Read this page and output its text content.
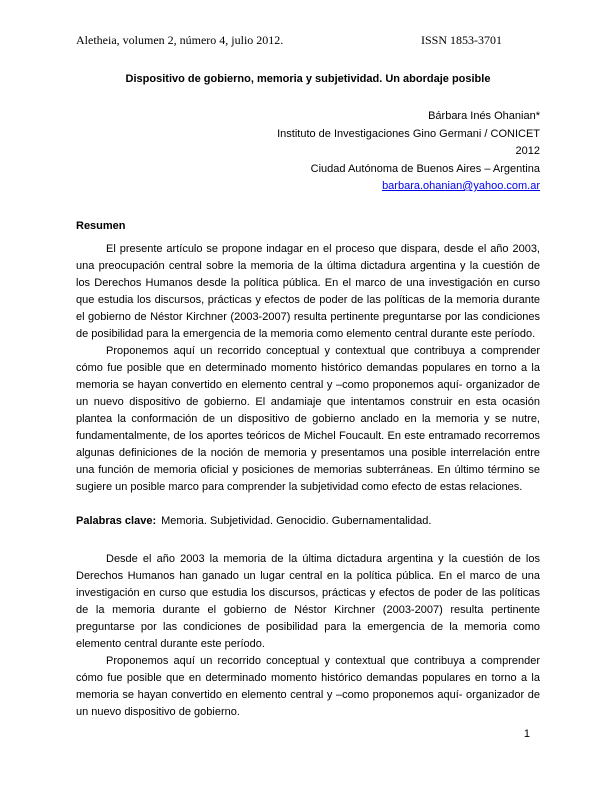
Aletheia, volumen 2, número 4, julio 2012.	ISSN 1853-3701
Dispositivo de gobierno, memoria y subjetividad. Un abordaje posible
Bárbara Inés Ohanian*
Instituto de Investigaciones Gino Germani / CONICET
2012
Ciudad Autónoma de Buenos Aires – Argentina
barbara.ohanian@yahoo.com.ar
Resumen

El presente artículo se propone indagar en el proceso que dispara, desde el año 2003, una preocupación central sobre la memoria de la última dictadura argentina y la cuestión de los Derechos Humanos desde la política pública. En el marco de una investigación en curso que estudia los discursos, prácticas y efectos de poder de las políticas de la memoria durante el gobierno de Néstor Kirchner (2003-2007) resulta pertinente preguntarse por las condiciones de posibilidad para la emergencia de la memoria como elemento central durante este período.

Proponemos aquí un recorrido conceptual y contextual que contribuya a comprender cómo fue posible que en determinado momento histórico demandas populares en torno a la memoria se hayan convertido en elemento central y –como proponemos aquí- organizador de un nuevo dispositivo de gobierno. El andamiaje que intentamos construir en esta ocasión plantea la conformación de un dispositivo de gobierno anclado en la memoria y se nutre, fundamentalmente, de los aportes teóricos de Michel Foucault. En este entramado recorremos algunas definiciones de la noción de memoria y presentamos una posible interrelación entre una función de memoria oficial y posiciones de memorias subterráneas. En último término se sugiere un posible marco para comprender la subjetividad como efecto de estas relaciones.

Palabras clave: Memoria. Subjetividad. Genocidio. Gubernamentalidad.

Desde el año 2003 la memoria de la última dictadura argentina y la cuestión de los Derechos Humanos han ganado un lugar central en la política pública. En el marco de una investigación en curso que estudia los discursos, prácticas y efectos de poder de las políticas de la memoria durante el gobierno de Néstor Kirchner (2003-2007) resulta pertinente preguntarse por las condiciones de posibilidad para la emergencia de la memoria como elemento central durante este período.

Proponemos aquí un recorrido conceptual y contextual que contribuya a comprender cómo fue posible que en determinado momento histórico demandas populares en torno a la memoria se hayan convertido en elemento central y –como proponemos aquí- organizador de un nuevo dispositivo de gobierno.

1
